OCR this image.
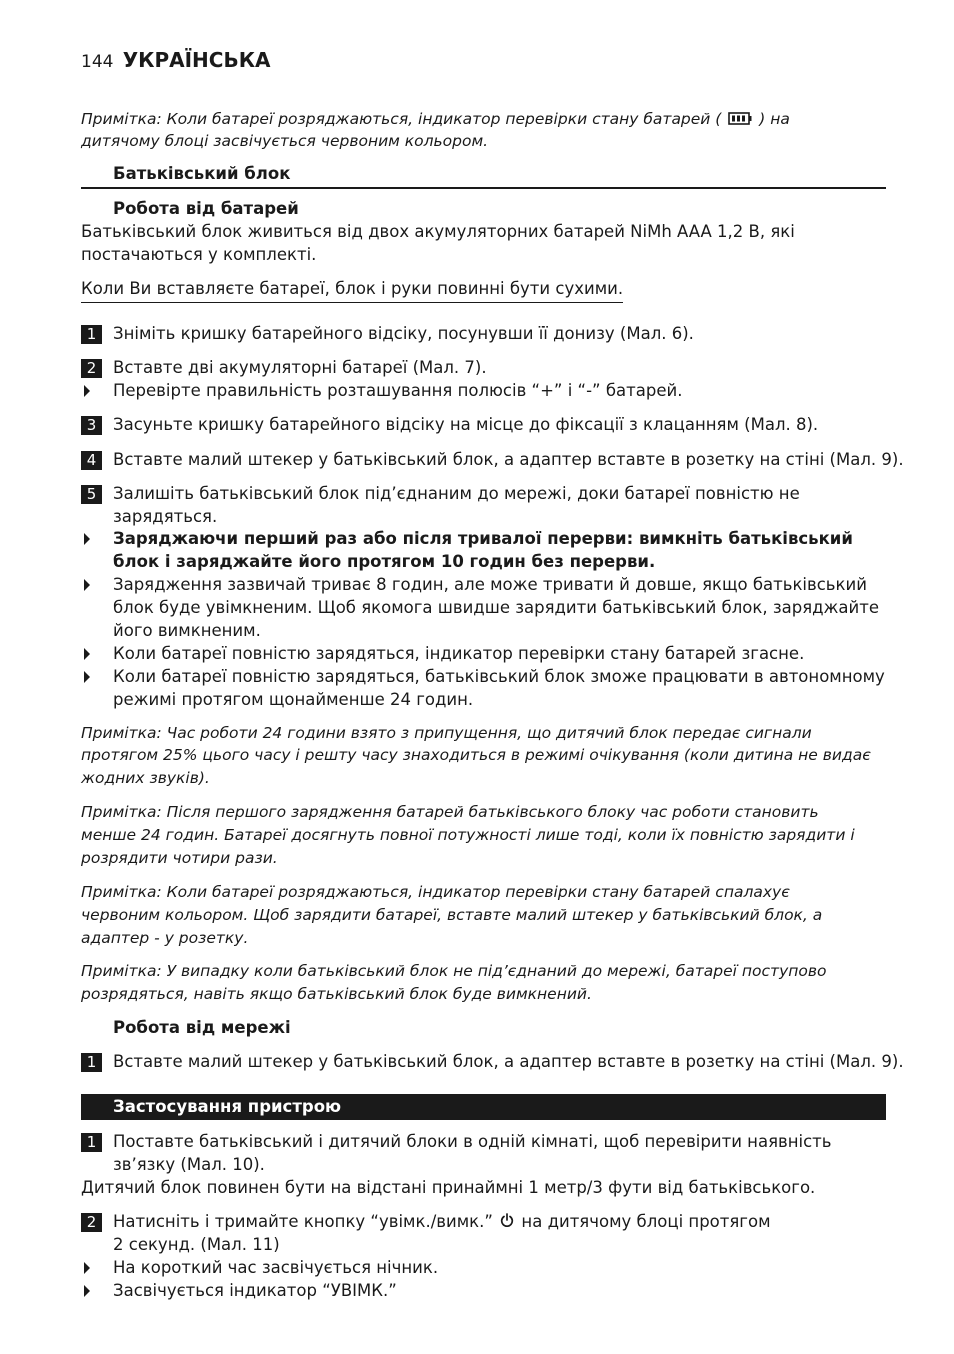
144 УКРАЇНСЬКА
Примітка: Коли батареї розряджаються, індикатор перевірки стану батарей ( ) на
дитячому блоці засвічується червоним кольором.
Батьківський блок
Робота від батарей
Батьківський блок живиться від двох акумуляторних батарей NiMh AAA 1,2 В, які
постачаються у комплекті.
Коли Ви вставляєте батареї, блок і руки повинні бути сухими.
1	Зніміть кришку батарейного відсіку, посунувши її донизу (Мал. 6).
2	Вставте дві акумуляторні батареї (Мал. 7).
Перевірте правильність розташування полюсів “+” і “-” батарей.
3	Засуньте кришку батарейного відсіку на місце до фіксації з клацанням (Мал. 8).
4	Вставте малий штекер у батьківський блок, а адаптер вставте в розетку на стіні (Мал. 9).
5	Залишіть батьківський блок під’єднаним до мережі, доки батареї повністю не
зарядяться.
Заряджаючи перший раз або після тривалої перерви: вимкніть батьківський
блок і заряджайте його протягом 10 годин без перерви.
Зарядження зазвичай триває 8 годин, але може тривати й довше, якщо батьківський
блок буде увімкненим. Щоб якомога швидше зарядити батьківський блок, заряджайте
його вимкненим.
Коли батареї повністю зарядяться, індикатор перевірки стану батарей згасне.
Коли батареї повністю зарядяться, батьківський блок зможе працювати в автономному
режимі протягом щонайменше 24 годин.
Примітка: Час роботи 24 години взято з припущення, що дитячий блок передає сигнали
протягом 25% цього часу і решту часу знаходиться в режимі очікування (коли дитина не видає
жодних звуків).
Примітка: Після першого зарядження батарей батьківського блоку час роботи становить
менше 24 годин. Батареї досягнуть повної потужності лише тоді, коли їх повністю зарядити і
розрядити чотири рази.
Примітка: Коли батареї розряджаються, індикатор перевірки стану батарей спалахує
червоним кольором. Щоб зарядити батареї, вставте малий штекер у батьківський блок, а
адаптер - у розетку.
Примітка: У випадку коли батьківський блок не під’єднаний до мережі, батареї поступово
розрядяться, навіть якщо батьківський блок буде вимкнений.
Робота від мережі
1	Вставте малий штекер у батьківський блок, а адаптер вставте в розетку на стіні (Мал. 9).
Застосування пристрою
1	Поставте батьківський і дитячий блоки в одній кімнаті, щоб перевірити наявність
зв’язку (Мал. 10).
Дитячий блок повинен бути на відстані принаймні 1 метр/3 фути від батьківського.
2	Натисніть і тримайте кнопку “увімк./вимк.” на дитячому блоці протягом
2 секунд. (Мал. 11)
На короткий час засвічується нічник.
Засвічується індикатор “УВІМК.”
